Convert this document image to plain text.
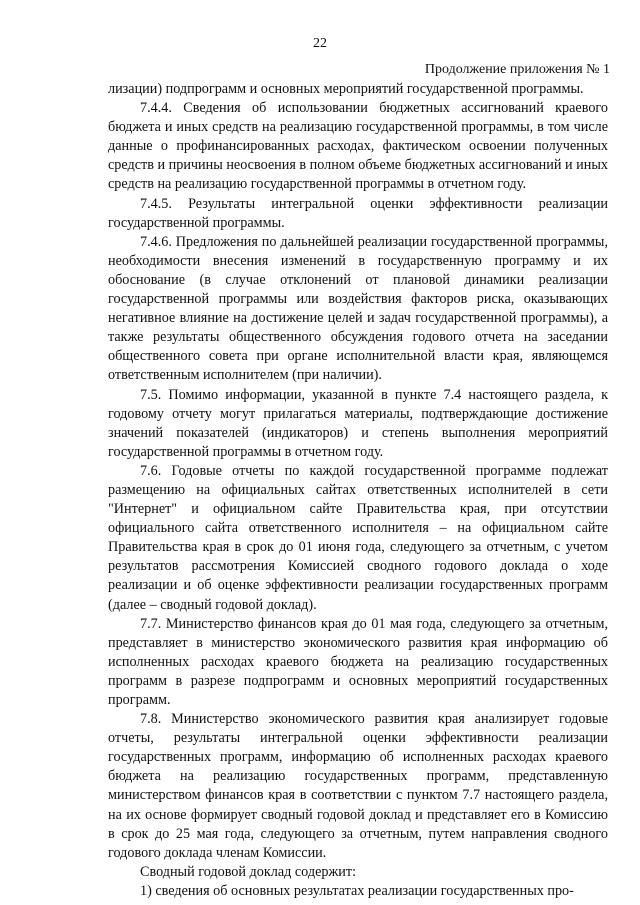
22
Продолжение приложения № 1

лизации) подпрограмм и основных мероприятий государственной программы.

7.4.4. Сведения об использовании бюджетных ассигнований краевого бюджета и иных средств на реализацию государственной программы, в том числе данные о профинансированных расходах, фактическом освоении полученных средств и причины неосвоения в полном объеме бюджетных ассигнований и иных средств на реализацию государственной программы в отчетном году.

7.4.5. Результаты интегральной оценки эффективности реализации государственной программы.

7.4.6. Предложения по дальнейшей реализации государственной программы, необходимости внесения изменений в государственную программу и их обоснование (в случае отклонений от плановой динамики реализации государственной программы или воздействия факторов риска, оказывающих негативное влияние на достижение целей и задач государственной программы), а также результаты общественного обсуждения годового отчета на заседании общественного совета при органе исполнительной власти края, являющемся ответственным исполнителем (при наличии).

7.5. Помимо информации, указанной в пункте 7.4 настоящего раздела, к годовому отчету могут прилагаться материалы, подтверждающие достижение значений показателей (индикаторов) и степень выполнения мероприятий государственной программы в отчетном году.

7.6. Годовые отчеты по каждой государственной программе подлежат размещению на официальных сайтах ответственных исполнителей в сети "Интернет" и официальном сайте Правительства края, при отсутствии официального сайта ответственного исполнителя – на официальном сайте Правительства края в срок до 01 июня года, следующего за отчетным, с учетом результатов рассмотрения Комиссией сводного годового доклада о ходе реализации и об оценке эффективности реализации государственных программ (далее – сводный годовой доклад).

7.7. Министерство финансов края до 01 мая года, следующего за отчетным, представляет в министерство экономического развития края информацию об исполненных расходах краевого бюджета на реализацию государственных программ в разрезе подпрограмм и основных мероприятий государственных программ.

7.8. Министерство экономического развития края анализирует годовые отчеты, результаты интегральной оценки эффективности реализации государственных программ, информацию об исполненных расходах краевого бюджета на реализацию государственных программ, представленную министерством финансов края в соответствии с пунктом 7.7 настоящего раздела, на их основе формирует сводный годовой доклад и представляет его в Комиссию в срок до 25 мая года, следующего за отчетным, путем направления сводного годового доклада членам Комиссии.

Сводный годовой доклад содержит:

1) сведения об основных результатах реализации государственных про-
